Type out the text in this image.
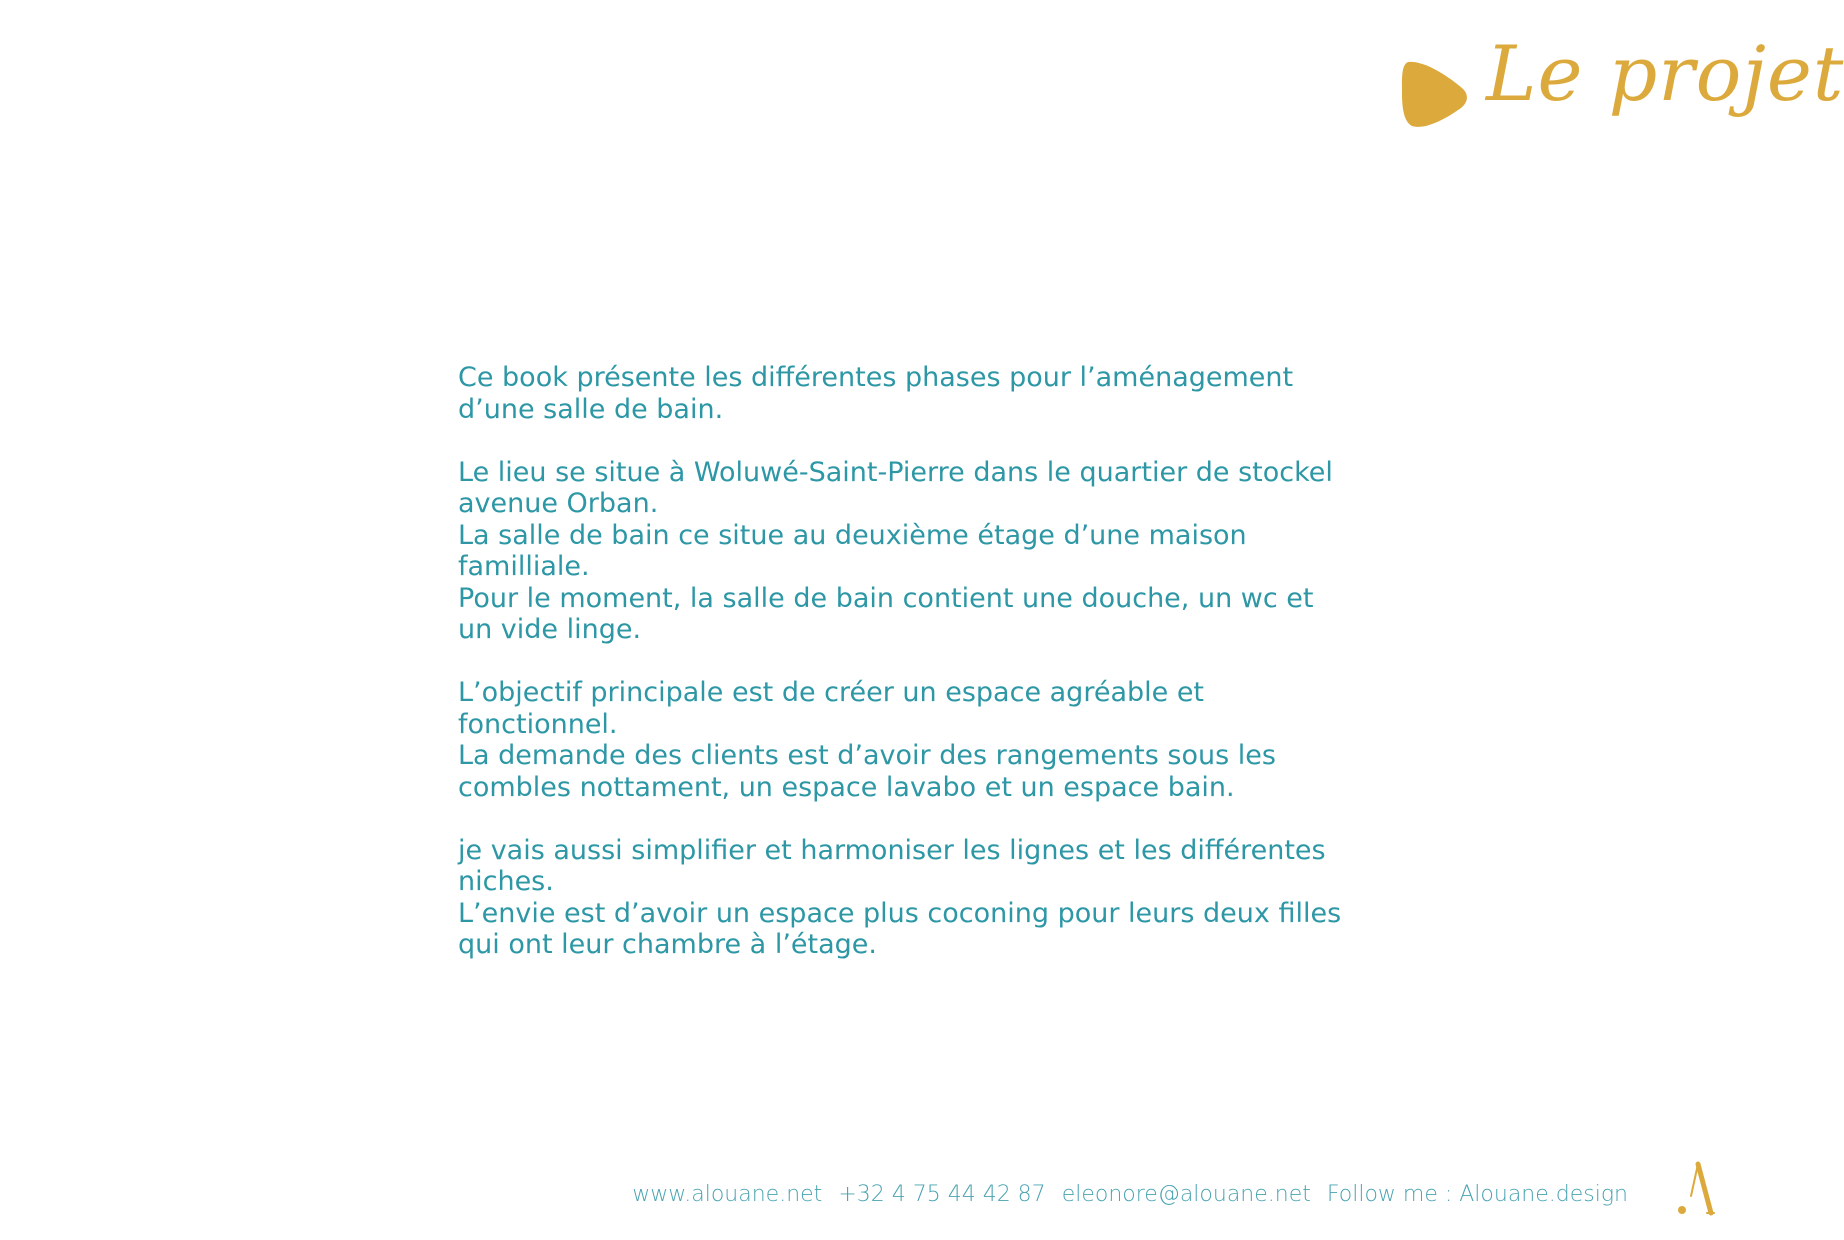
Le projet

Ce book présente les différentes phases pour l’aménagement
d’une salle de bain.

Le lieu se situe à Woluwé-Saint-Pierre dans le quartier de stockel
avenue Orban.
La salle de bain ce situe au deuxième étage d’une maison
familliale.
Pour le moment, la salle de bain contient une douche, un wc et
un vide linge.

L’objectif principale est de créer un espace agréable et
fonctionnel.
La demande des clients est d’avoir des rangements sous les
combles nottament, un espace lavabo et un espace bain.

je vais aussi simplifier et harmoniser les lignes et les différentes
niches.
L’envie est d’avoir un espace plus coconing pour leurs deux filles
qui ont leur chambre à l’étage.

www.alouane.net +32 4 75 44 42 87 eleonore@alouane.net Follow me : Alouane.design
